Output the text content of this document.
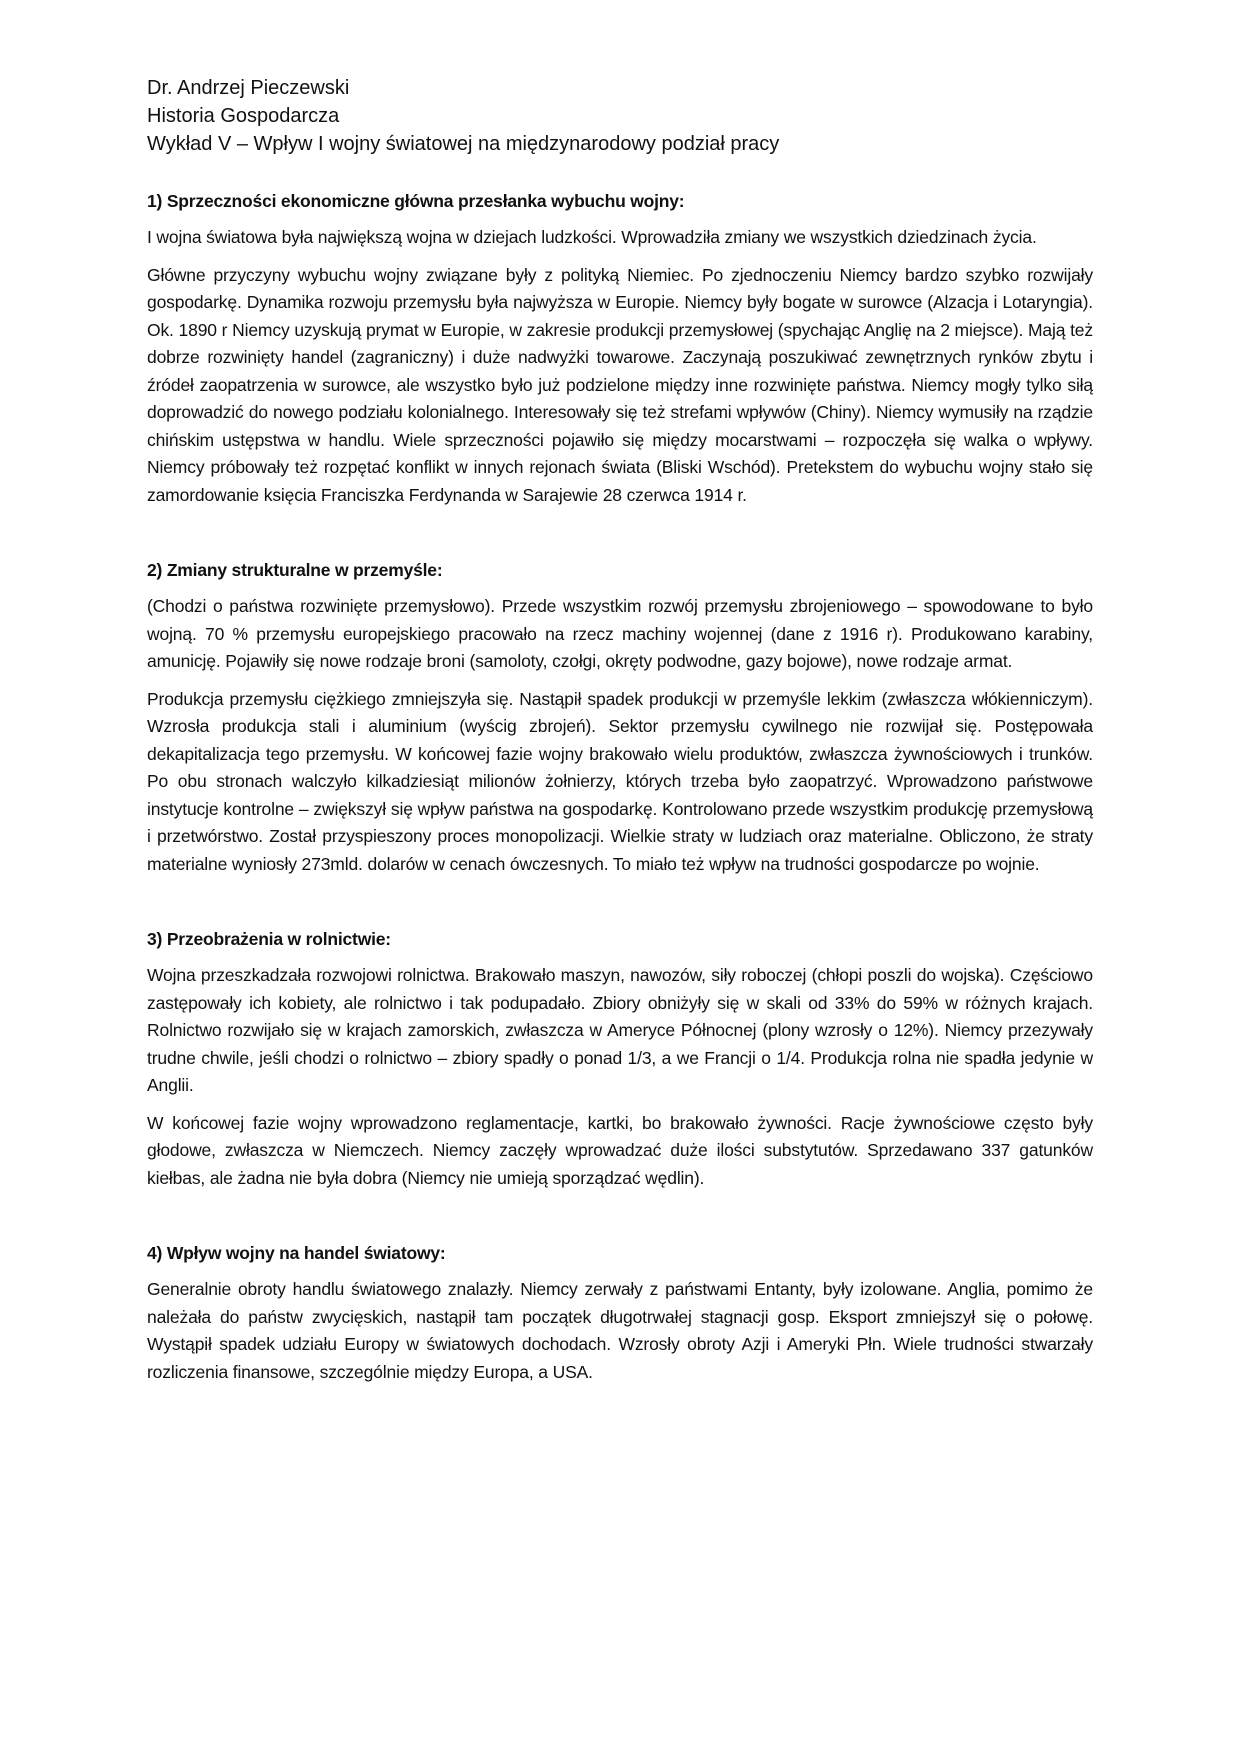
Dr. Andrzej Pieczewski

Historia Gospodarcza

Wykład V – Wpływ I wojny światowej na międzynarodowy podział pracy

1) Sprzeczności ekonomiczne główna przesłanka wybuchu wojny:

I wojna światowa była największą wojna w dziejach ludzkości. Wprowadziła zmiany we wszystkich dziedzinach życia.

Główne przyczyny wybuchu wojny związane były z polityką Niemiec. Po zjednoczeniu Niemcy bardzo szybko rozwijały gospodarkę. Dynamika rozwoju przemysłu była najwyższa w Europie. Niemcy były bogate w surowce (Alzacja i Lotaryngia). Ok. 1890 r Niemcy uzyskują prymat w Europie, w zakresie produkcji przemysłowej (spychając Anglię na 2 miejsce). Mają też dobrze rozwinięty handel (zagraniczny) i duże nadwyżki towarowe. Zaczynają poszukiwać zewnętrznych rynków zbytu i źródeł zaopatrzenia w surowce, ale wszystko było już podzielone między inne rozwinięte państwa. Niemcy mogły tylko siłą doprowadzić do nowego podziału kolonialnego. Interesowały się też strefami wpływów (Chiny). Niemcy wymusiły na rządzie chińskim ustępstwa w handlu. Wiele sprzeczności pojawiło się między mocarstwami – rozpoczęła się walka o wpływy. Niemcy próbowały też rozpętać konflikt w innych rejonach świata (Bliski Wschód). Pretekstem do wybuchu wojny stało się zamordowanie księcia Franciszka Ferdynanda w Sarajewie 28 czerwca 1914 r.

2) Zmiany strukturalne w przemyśle:

(Chodzi o państwa rozwinięte przemysłowo). Przede wszystkim rozwój przemysłu zbrojeniowego – spowodowane to było wojną. 70 % przemysłu europejskiego pracowało na rzecz machiny wojennej (dane z 1916 r). Produkowano karabiny, amunicję. Pojawiły się nowe rodzaje broni (samoloty, czołgi, okręty podwodne, gazy bojowe), nowe rodzaje armat.

Produkcja przemysłu ciężkiego zmniejszyła się. Nastąpił spadek produkcji w przemyśle lekkim (zwłaszcza włókienniczym). Wzrosła produkcja stali i aluminium (wyścig zbrojeń). Sektor przemysłu cywilnego nie rozwijał się. Postępowała dekapitalizacja tego przemysłu. W końcowej fazie wojny brakowało wielu produktów, zwłaszcza żywnościowych i trunków. Po obu stronach walczyło kilkadziesiąt milionów żołnierzy, których trzeba było zaopatrzyć. Wprowadzono państwowe instytucje kontrolne – zwiększył się wpływ państwa na gospodarkę. Kontrolowano przede wszystkim produkcję przemysłową i przetwórstwo. Został przyspieszony proces monopolizacji. Wielkie straty w ludziach oraz materialne. Obliczono, że straty materialne wyniosły 273mld. dolarów w cenach ówczesnych. To miało też wpływ na trudności gospodarcze po wojnie.

3) Przeobrażenia w rolnictwie:

Wojna przeszkadzała rozwojowi rolnictwa. Brakowało maszyn, nawozów, siły roboczej (chłopi poszli do wojska). Częściowo zastępowały ich kobiety, ale rolnictwo i tak podupadało. Zbiory obniżyły się w skali od 33% do 59% w różnych krajach. Rolnictwo rozwijało się w krajach zamorskich, zwłaszcza w Ameryce Północnej (plony wzrosły o 12%). Niemcy przezywały trudne chwile, jeśli chodzi o rolnictwo – zbiory spadły o ponad 1/3, a we Francji o 1/4. Produkcja rolna nie spadła jedynie w Anglii.

W końcowej fazie wojny wprowadzono reglamentacje, kartki, bo brakowało żywności. Racje żywnościowe często były głodowe, zwłaszcza w Niemczech. Niemcy zaczęły wprowadzać duże ilości substytutów. Sprzedawano 337 gatunków kiełbas, ale żadna nie była dobra (Niemcy nie umieją sporządzać wędlin).

4) Wpływ wojny na handel światowy:

Generalnie obroty handlu światowego znalazły. Niemcy zerwały z państwami Entanty, były izolowane. Anglia, pomimo że należała do państw zwycięskich, nastąpił tam początek długotrwałej stagnacji gosp. Eksport zmniejszył się o połowę. Wystąpił spadek udziału Europy w światowych dochodach. Wzrosły obroty Azji i Ameryki Płn. Wiele trudności stwarzały rozliczenia finansowe, szczególnie między Europa, a USA.
